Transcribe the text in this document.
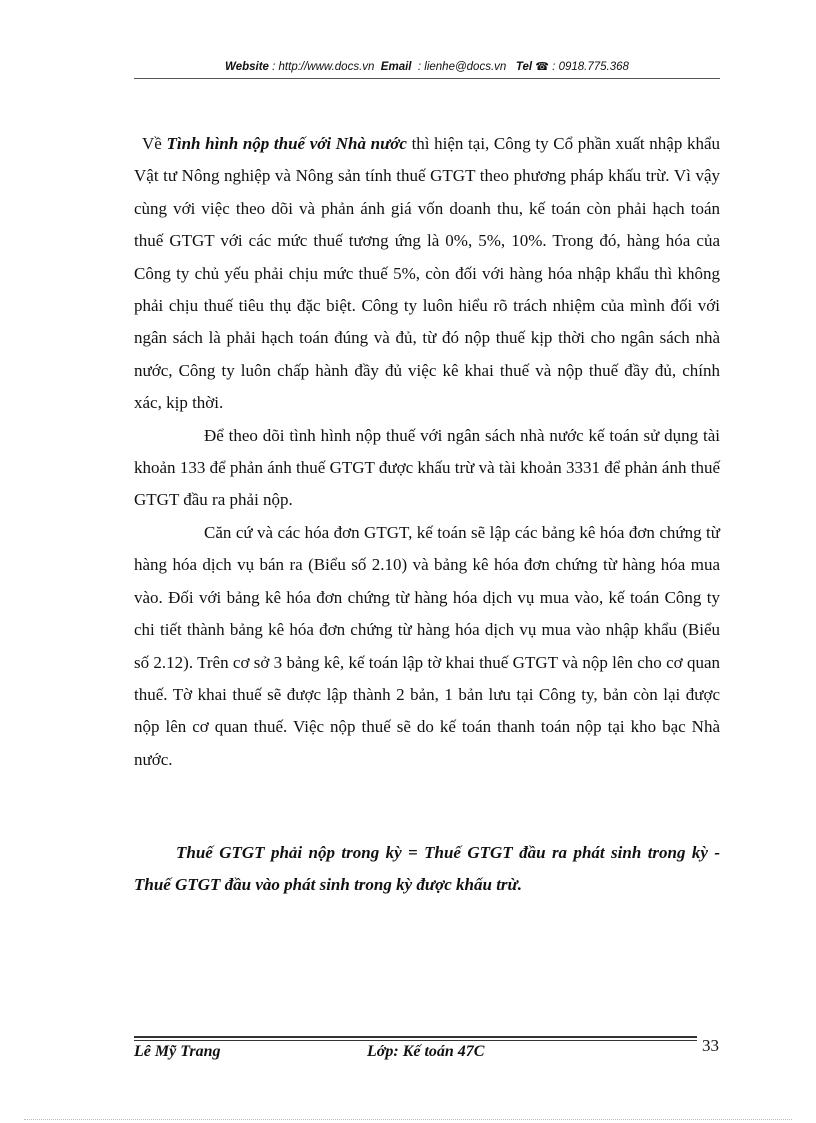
Website : http://www.docs.vn Email  : lienhe@docs.vn Tel ☎ : 0918.775.368

Về Tình hình nộp thuế với Nhà nước thì hiện tại, Công ty Cổ phần xuất nhập khẩu Vật tư Nông nghiệp và Nông sản tính thuế GTGT theo phương pháp khấu trừ. Vì vậy cùng với việc theo dõi và phản ánh giá vốn doanh thu, kế toán còn phải hạch toán thuế GTGT với các mức thuế tương ứng là 0%, 5%, 10%. Trong đó, hàng hóa của Công ty chủ yếu phải chịu mức thuế 5%, còn đối với hàng hóa nhập khẩu thì không phải chịu thuế tiêu thụ đặc biệt. Công ty luôn hiểu rõ trách nhiệm của mình đối với ngân sách là phải hạch toán đúng và đủ, từ đó nộp thuế kịp thời cho ngân sách nhà nước, Công ty luôn chấp hành đầy đủ việc kê khai thuế và nộp thuế đầy đủ, chính xác, kịp thời.

Để theo dõi tình hình nộp thuế với ngân sách nhà nước kế toán sử dụng tài khoản 133 để phản ánh thuế GTGT được khấu trừ và tài khoản 3331 để phản ánh thuế GTGT đầu ra phải nộp.

Căn cứ và các hóa đơn GTGT, kế toán sẽ lập các bảng kê hóa đơn chứng từ hàng hóa dịch vụ bán ra (Biểu số 2.10) và bảng kê hóa đơn chứng từ hàng hóa mua vào. Đối với bảng kê hóa đơn chứng từ hàng hóa dịch vụ mua vào, kế toán Công ty chi tiết thành bảng kê hóa đơn chứng từ hàng hóa dịch vụ mua vào nhập khẩu (Biểu số 2.12). Trên cơ sở 3 bảng kê, kế toán lập tờ khai thuế GTGT và nộp lên cho cơ quan thuế. Tờ khai thuế sẽ được lập thành 2 bản, 1 bản lưu tại Công ty, bản còn lại được nộp lên cơ quan thuế. Việc nộp thuế sẽ do kế toán thanh toán nộp tại kho bạc Nhà nước.

Thuế GTGT phải nộp trong kỳ = Thuế GTGT đầu ra phát sinh trong kỳ - Thuế GTGT đầu vào phát sinh trong kỳ được khấu trừ.

Lê Mỹ Trang	Lớp: Kế toán 47C	33
